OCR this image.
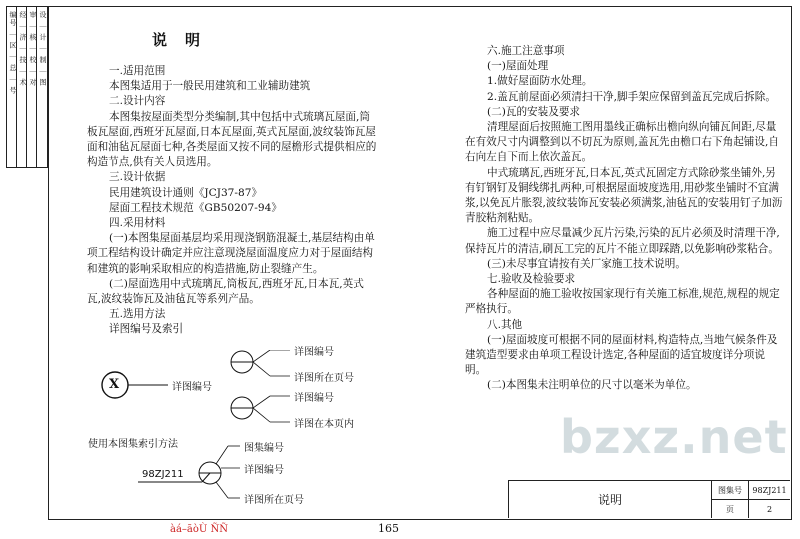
编号 ｜ 区 ｜ 总 ｜ 号 经 ｜ 济 ｜ 技 ｜ 术 审 ｜ 核 ｜ 校 ｜ 对 设 ｜ 计 ｜ 制 ｜ 图	说明

一.适用范围

本图集适用于一般民用建筑和工业辅助建筑

二.设计内容

本图集按屋面类型分类编制,其中包括中式琉璃瓦屋面,筒板瓦屋面,西班牙瓦屋面,日本瓦屋面,英式瓦屋面,波纹装饰瓦屋面和油毡瓦屋面七种,各类屋面又按不同的屋檐形式提供相应的构造节点,供有关人员选用。

三.设计依据

民用建筑设计通则《JCJ37-87》

屋面工程技术规范《GB50207-94》

四.采用材料

(一)本图集屋面基层均采用现浇钢筋混凝土,基层结构由单项工程结构设计确定并应注意现浇屋面温度应力对于屋面结构和建筑的影响采取相应的构造措施,防止裂缝产生。

(二)屋面选用中式琉璃瓦,筒板瓦,西班牙瓦,日本瓦,英式瓦,波纹装饰瓦及油毡瓦等系列产品。

五.选用方法

详图编号及索引

X	详图编号
详图编号
详图所在页号
详图编号
详图在本页内
使用本图集索引方法	图集编号
详图编号
详图所在页号
98ZJ211

六.施工注意事项

(一)屋面处理

1.做好屋面防水处理。

2.盖瓦前屋面必须清扫干净,脚手架应保留到盖瓦完成后拆除。

(二)瓦的安装及要求

清理屋面后按照施工图用墨线正确标出檐向纵向铺瓦间距,尽量在有效尺寸内调整到以不切瓦为原则,盖瓦先由檐口右下角起铺设,自右向左自下而上依次盖瓦。

中式琉璃瓦,西班牙瓦,日本瓦,英式瓦固定方式除砂浆坐铺外,另有钉钢钉及铜线绑扎两种,可根据屋面坡度选用,用砂浆坐铺时不宜满浆,以免瓦片胀裂,波纹装饰瓦安装必须满浆,油毡瓦的安装用钉子加沥青胶粘剂粘贴。

施工过程中应尽量减少瓦片污染,污染的瓦片必须及时清理干净,保持瓦片的清洁,刷瓦工完的瓦片不能立即踩踏,以免影响砂浆粘合。

(三)未尽事宜请按有关厂家施工技术说明。

七.验收及检验要求

各种屋面的施工验收按国家现行有关施工标准,规范,规程的规定严格执行。

八.其他

(一)屋面坡度可根据不同的屋面材料,构造特点,当地气候条件及建筑造型要求由单项工程设计选定,各种屋面的适宜坡度详分项说明。

(二)本图集未注明单位的尺寸以毫米为单位。

bzxz.net
说明
图集号	98ZJ211
页	2
àá–ãòÙ ÑÑ	165
